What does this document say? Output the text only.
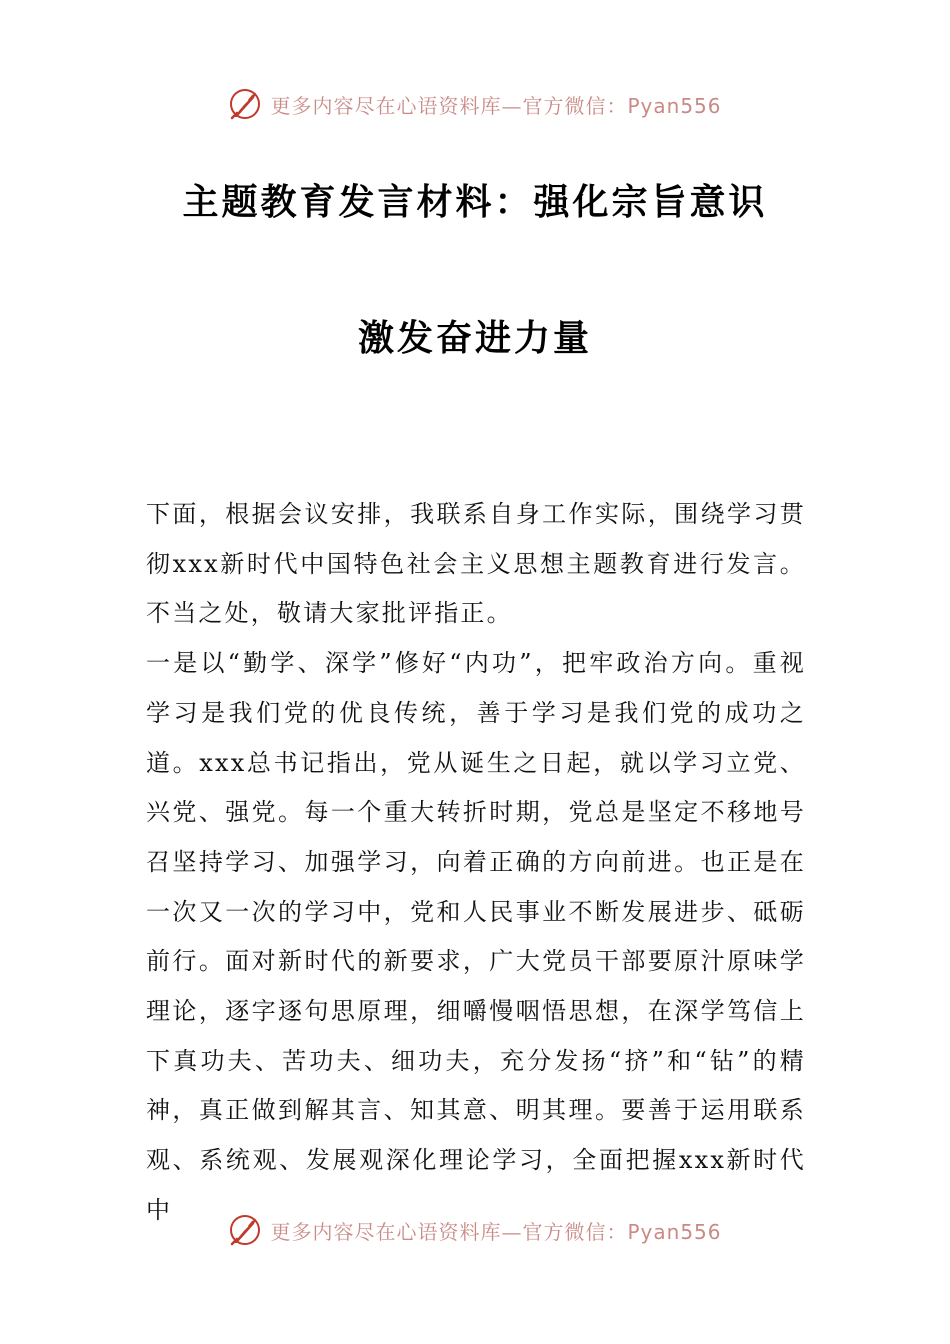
更多内容尽在心语资料库—官方微信：Pyan556
主题教育发言材料：强化宗旨意识
激发奋进力量

下面，根据会议安排，我联系自身工作实际，围绕学习贯彻xxx新时代中国特色社会主义思想主题教育进行发言。不当之处，敬请大家批评指正。

一是以“勤学、深学”修好“内功”，把牢政治方向。重视学习是我们党的优良传统，善于学习是我们党的成功之道。xxx总书记指出，党从诞生之日起，就以学习立党、兴党、强党。每一个重大转折时期，党总是坚定不移地号召坚持学习、加强学习，向着正确的方向前进。也正是在一次又一次的学习中，党和人民事业不断发展进步、砥砺前行。面对新时代的新要求，广大党员干部要原汁原味学理论，逐字逐句思原理，细嚼慢咽悟思想，在深学笃信上下真功夫、苦功夫、细功夫，充分发扬“挤”和“钻”的精神，真正做到解其言、知其意、明其理。要善于运用联系观、系统观、发展观深化理论学习，全面把握xxx新时代中

更多内容尽在心语资料库—官方微信：Pyan556
